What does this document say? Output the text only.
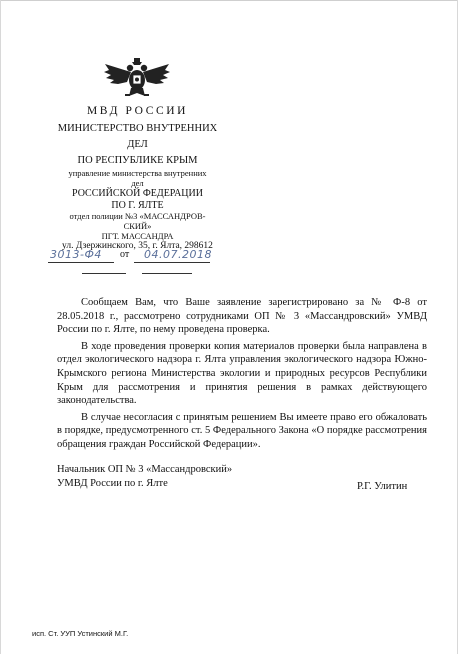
МВД РОССИИ
МИНИСТЕРСТВО ВНУТРЕННИХ
ДЕЛ
ПО РЕСПУБЛИКЕ КРЫМ
управление министерства внутренних
дел
РОССИЙСКОЙ ФЕДЕРАЦИИ
ПО Г. ЯЛТЕ
отдел полиции №3 «МАССАНДРОВ-
СКИЙ»
ПГТ. МАССАНДРА
ул. Дзержинского, 35, г. Ялта, 298612
3013-Ф4 от 04.07.2018

Сообщаем Вам, что Ваше заявление зарегистрировано за № Ф-8 от 28.05.2018 г., рассмотрено сотрудниками ОП № 3 «Массандровский» УМВД России по г. Ялте, по нему проведена проверка.

В ходе проведения проверки копия материалов проверки была направлена в отдел экологического надзора г. Ялта управления экологического надзора Южно-Крымского региона Министерства экологии и природных ресурсов Республики Крым для рассмотрения и принятия решения в рамках действующего законодательства.

В случае несогласия с принятым решением Вы имеете право его обжаловать в порядке, предусмотренного ст. 5 Федерального Закона «О порядке рассмотрения обращения граждан Российской Федерации».

Начальник ОП № 3 «Массандровский»
УМВД России по г. Ялте	Р.Г. Улитин
исп. Ст. УУП Устинский М.Г.
